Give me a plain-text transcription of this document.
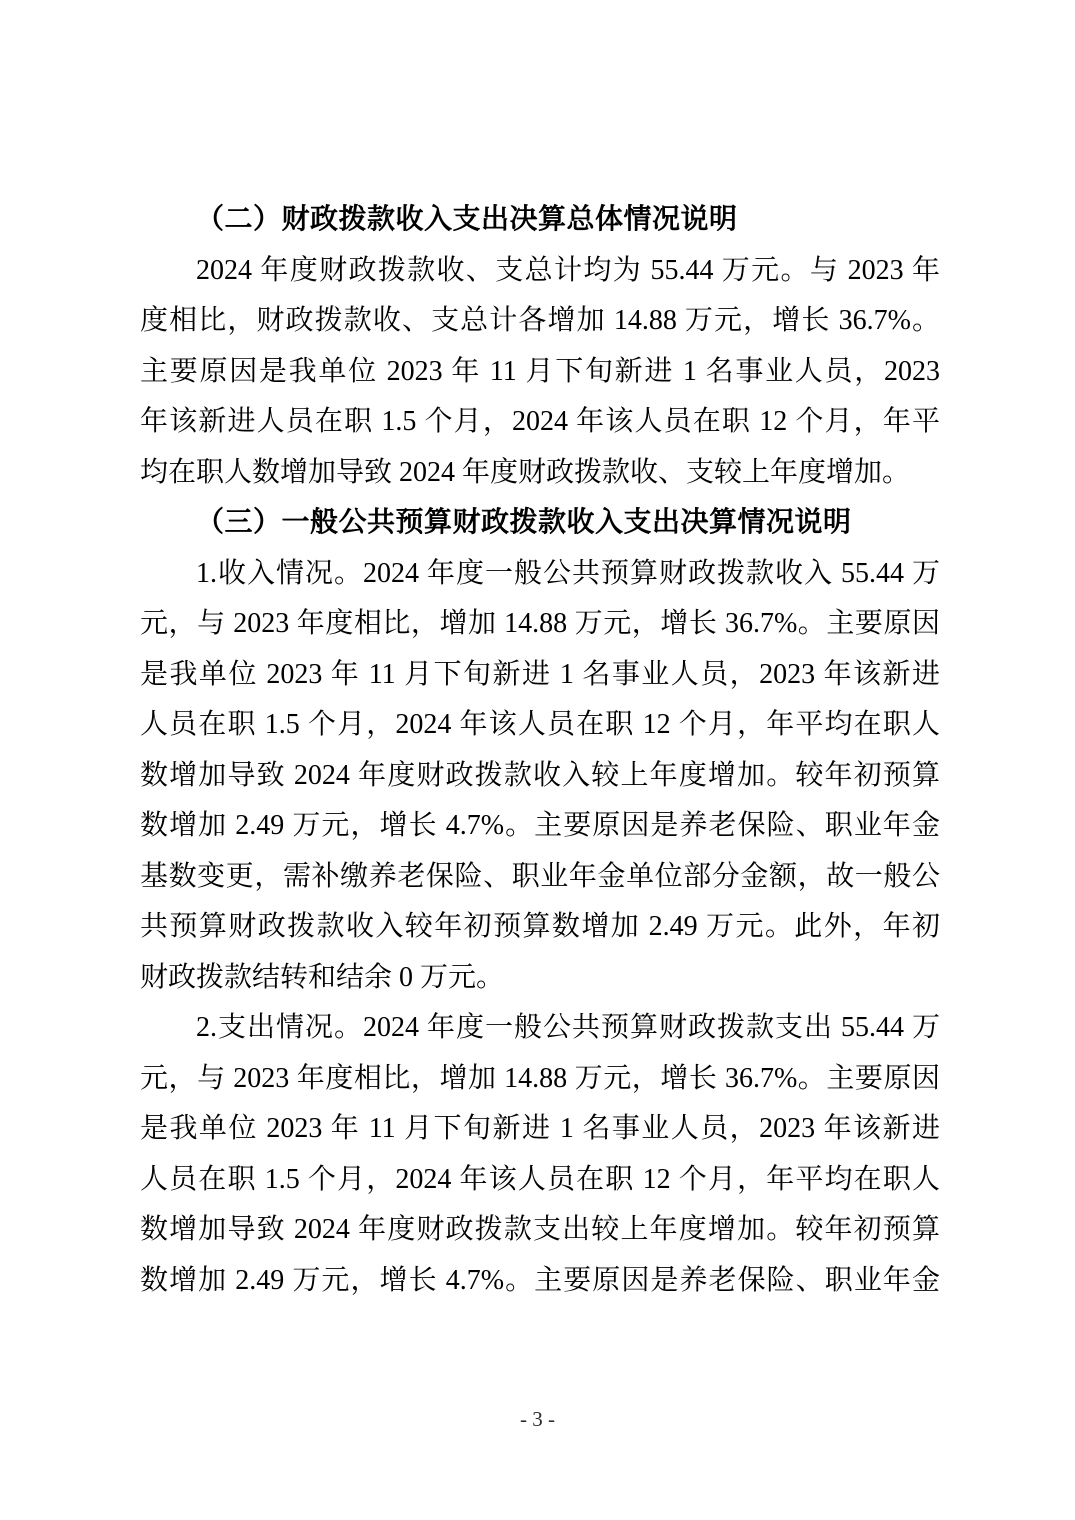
（二）财政拨款收入支出决算总体情况说明
2024 年度财政拨款收、支总计均为 55.44 万元。与 2023 年
度相比，财政拨款收、支总计各增加 14.88 万元，增长 36.7%。
主要原因是我单位 2023 年 11 月下旬新进 1 名事业人员，2023
年该新进人员在职 1.5 个月，2024 年该人员在职 12 个月，年平
均在职人数增加导致 2024 年度财政拨款收、支较上年度增加。
（三）一般公共预算财政拨款收入支出决算情况说明
1.收入情况。2024 年度一般公共预算财政拨款收入 55.44 万
元，与 2023 年度相比，增加 14.88 万元，增长 36.7%。主要原因
是我单位 2023 年 11 月下旬新进 1 名事业人员，2023 年该新进
人员在职 1.5 个月，2024 年该人员在职 12 个月，年平均在职人
数增加导致 2024 年度财政拨款收入较上年度增加。较年初预算
数增加 2.49 万元，增长 4.7%。主要原因是养老保险、职业年金
基数变更，需补缴养老保险、职业年金单位部分金额，故一般公
共预算财政拨款收入较年初预算数增加 2.49 万元。此外，年初
财政拨款结转和结余 0 万元。
2.支出情况。2024 年度一般公共预算财政拨款支出 55.44 万
元，与 2023 年度相比，增加 14.88 万元，增长 36.7%。主要原因
是我单位 2023 年 11 月下旬新进 1 名事业人员，2023 年该新进
人员在职 1.5 个月，2024 年该人员在职 12 个月，年平均在职人
数增加导致 2024 年度财政拨款支出较上年度增加。较年初预算
数增加 2.49 万元，增长 4.7%。主要原因是养老保险、职业年金
- 3 -
